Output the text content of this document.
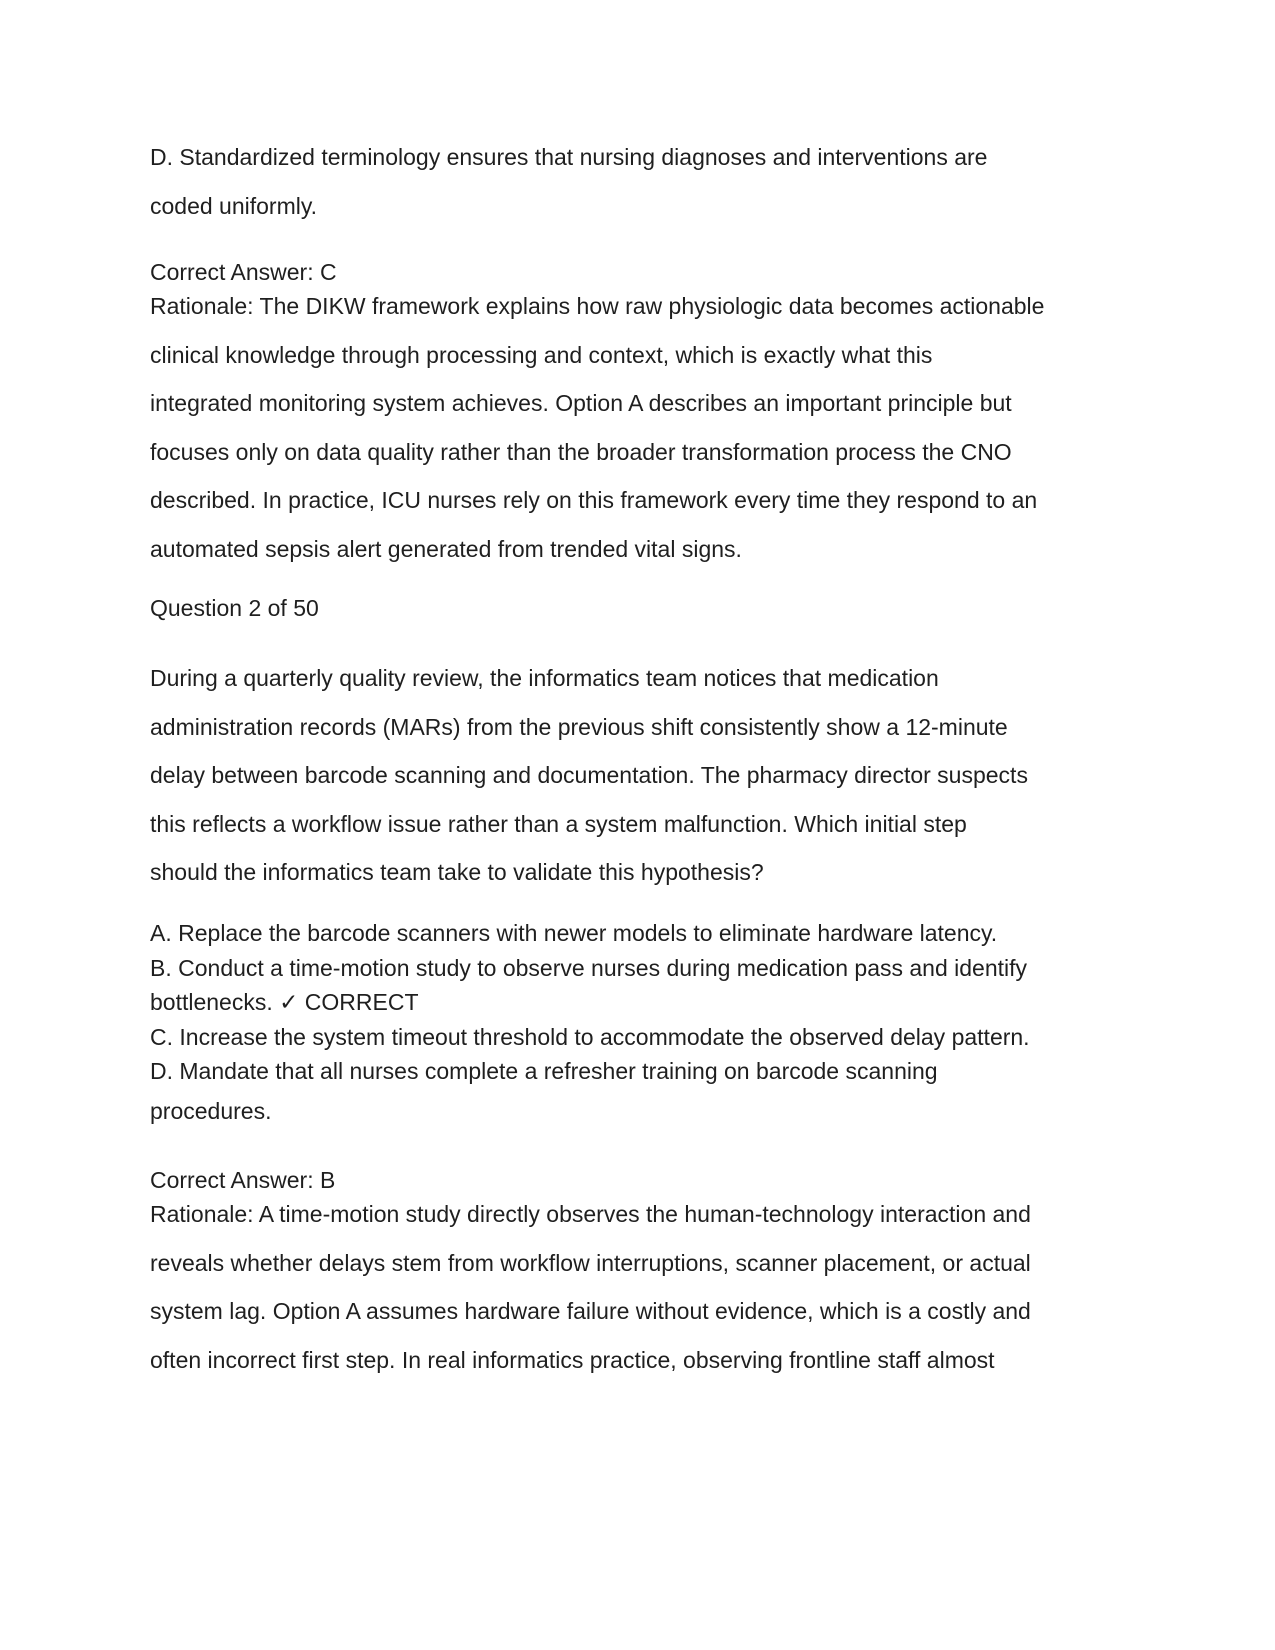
D. Standardized terminology ensures that nursing diagnoses and interventions are
coded uniformly.
Correct Answer: C
Rationale: The DIKW framework explains how raw physiologic data becomes actionable
clinical knowledge through processing and context, which is exactly what this
integrated monitoring system achieves. Option A describes an important principle but
focuses only on data quality rather than the broader transformation process the CNO
described. In practice, ICU nurses rely on this framework every time they respond to an
automated sepsis alert generated from trended vital signs.
Question 2 of 50
During a quarterly quality review, the informatics team notices that medication
administration records (MARs) from the previous shift consistently show a 12-minute
delay between barcode scanning and documentation. The pharmacy director suspects
this reflects a workflow issue rather than a system malfunction. Which initial step
should the informatics team take to validate this hypothesis?
A. Replace the barcode scanners with newer models to eliminate hardware latency.
B. Conduct a time-motion study to observe nurses during medication pass and identify
bottlenecks. ✓ CORRECT
C. Increase the system timeout threshold to accommodate the observed delay pattern.
D. Mandate that all nurses complete a refresher training on barcode scanning
procedures.
Correct Answer: B
Rationale: A time-motion study directly observes the human-technology interaction and
reveals whether delays stem from workflow interruptions, scanner placement, or actual
system lag. Option A assumes hardware failure without evidence, which is a costly and
often incorrect first step. In real informatics practice, observing frontline staff almost
